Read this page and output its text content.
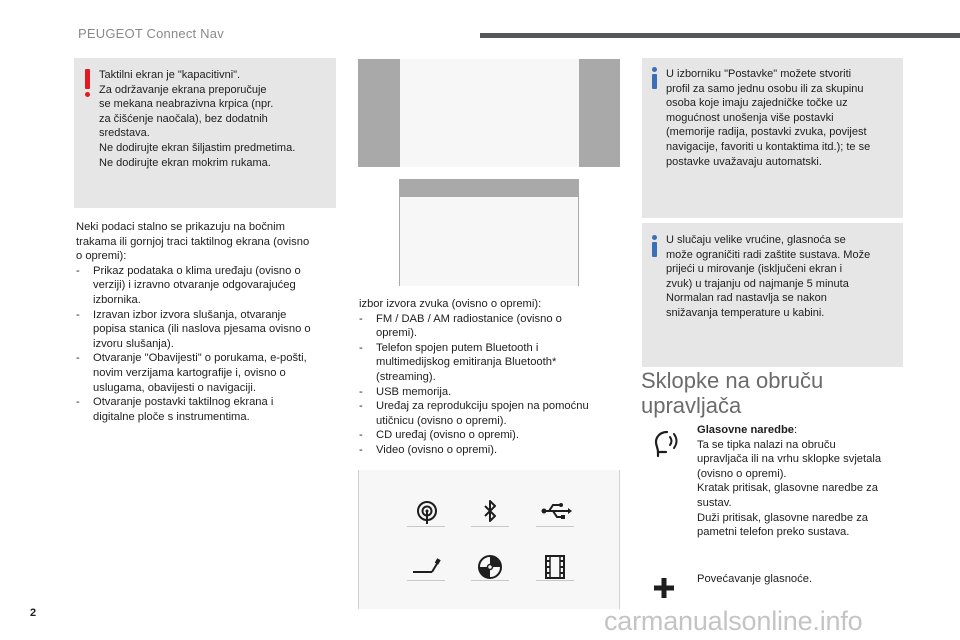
PEUGEOT Connect Nav

Taktilni ekran je "kapacitivni".
Za održavanje ekrana preporučuje
se mekana neabrazivna krpica (npr.
za čišćenje naočala), bez dodatnih
sredstava.
Ne dodirujte ekran šiljastim predmetima.
Ne dodirujte ekran mokrim rukama.

Neki podaci stalno se prikazuju na bočnim
trakama ili gornjoj traci taktilnog ekrana (ovisno
o opremi):
- Prikaz podataka o klima uređaju (ovisno o
verziji) i izravno otvaranje odgovarajućeg
izbornika.
- Izravan izbor izvora slušanja, otvaranje
popisa stanica (ili naslova pjesama ovisno o
izvoru slušanja).
- Otvaranje "Obavijesti" o porukama, e-pošti,
novim verzijama kartografije i, ovisno o
uslugama, obavijesti o navigaciji.
- Otvaranje postavki taktilnog ekrana i
digitalne ploče s instrumentima.
izbor izvora zvuka (ovisno o opremi):
- FM / DAB / AM radiostanice (ovisno o
opremi).
- Telefon spojen putem Bluetooth i
multimedijskog emitiranja Bluetooth*
(streaming).
- USB memorija.
- Uređaj za reprodukciju spojen na pomoćnu
utičnicu (ovisno o opremi).
- CD uređaj (ovisno o opremi).
- Video (ovisno o opremi).

U izborniku "Postavke" možete stvoriti
profil za samo jednu osobu ili za skupinu
osoba koje imaju zajedničke točke uz
mogućnost unošenja više postavki
(memorije radija, postavki zvuka, povijest
navigacije, favoriti u kontaktima itd.); te se
postavke uvažavaju automatski.

U slučaju velike vrućine, glasnoća se
može ograničiti radi zaštite sustava. Može
prijeći u mirovanje (isključeni ekran i
zvuk) u trajanju od najmanje 5 minuta
Normalan rad nastavlja se nakon
snižavanja temperature u kabini.

Sklopke na obruču
upravljača
Glasovne naredbe:
Ta se tipka nalazi na obruču
upravljača ili na vrhu sklopke svjetala
(ovisno o opremi).
Kratak pritisak, glasovne naredbe za
sustav.
Duži pritisak, glasovne naredbe za
pametni telefon preko sustava.
Povećavanje glasnoće.
2	carmanualsonline.info
